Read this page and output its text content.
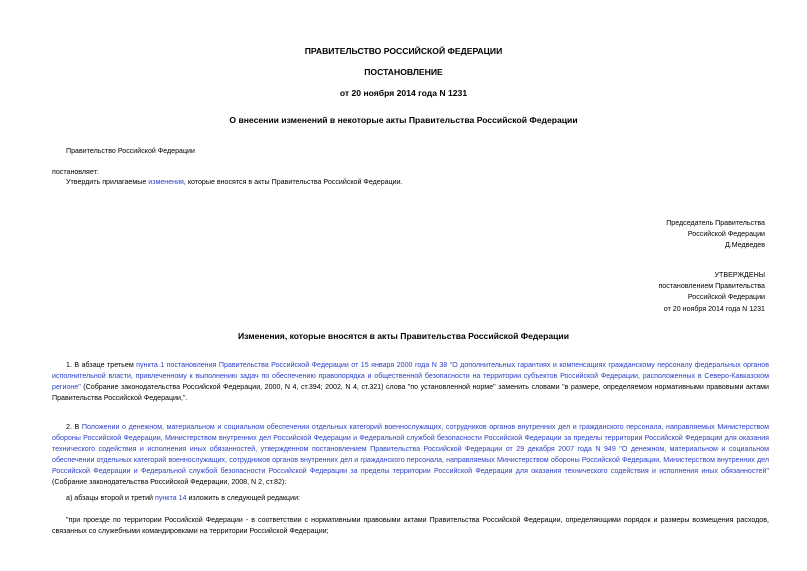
ПРАВИТЕЛЬСТВО РОССИЙСКОЙ ФЕДЕРАЦИИ
ПОСТАНОВЛЕНИЕ
от 20 ноября 2014 года N 1231
О внесении изменений в некоторые акты Правительства Российской Федерации
Правительство Российской Федерации
постановляет:
Утвердить прилагаемые изменения, которые вносятся в акты Правительства Российской Федерации.
Председатель Правительства
Российской Федерации
Д.Медведев
УТВЕРЖДЕНЫ
постановлением Правительства
Российской Федерации
от 20 ноября 2014 года N 1231
Изменения, которые вносятся в акты Правительства Российской Федерации
1. В абзаце третьем пункта 1 постановления Правительства Российской Федерации от 15 января 2000 года N 38 "О дополнительных гарантиях и компенсациях гражданскому персоналу федеральных органов исполнительной власти, привлеченному к выполнению задач по обеспечению правопорядка и общественной безопасности на территории субъектов Российской Федерации, расположенных в Северо-Кавказском регионе" (Собрание законодательства Российской Федерации, 2000, N 4, ст.394; 2002, N 4, ст.321) слова "по установленной норме" заменить словами "в размере, определяемом нормативными правовыми актами Правительства Российской Федерации,".
2. В Положении о денежном, материальном и социальном обеспечении отдельных категорий военнослужащих, сотрудников органов внутренних дел и гражданского персонала, направляемых Министерством обороны Российской Федерации, Министерством внутренних дел Российской Федерации и Федеральной службой безопасности Российской Федерации за пределы территории Российской Федерации для оказания технического содействия и исполнения иных обязанностей, утвержденном постановлением Правительства Российской Федерации от 29 декабря 2007 года N 949 "О денежном, материальном и социальном обеспечении отдельных категорий военнослужащих, сотрудников органов внутренних дел и гражданского персонала, направляемых Министерством обороны Российской Федерации, Министерством внутренних дел Российской Федерации и Федеральной службой безопасности Российской Федерации за пределы территории Российской Федерации для оказания технического содействия и исполнения иных обязанностей" (Собрание законодательства Российской Федерации, 2008, N 2, ст.82):
а) абзацы второй и третий пункта 14 изложить в следующей редакции:
"при проезде по территории Российской Федерации - в соответствии с нормативными правовыми актами Правительства Российской Федерации, определяющими порядок и размеры возмещения расходов, связанных со служебными командировками на территории Российской Федерации;
